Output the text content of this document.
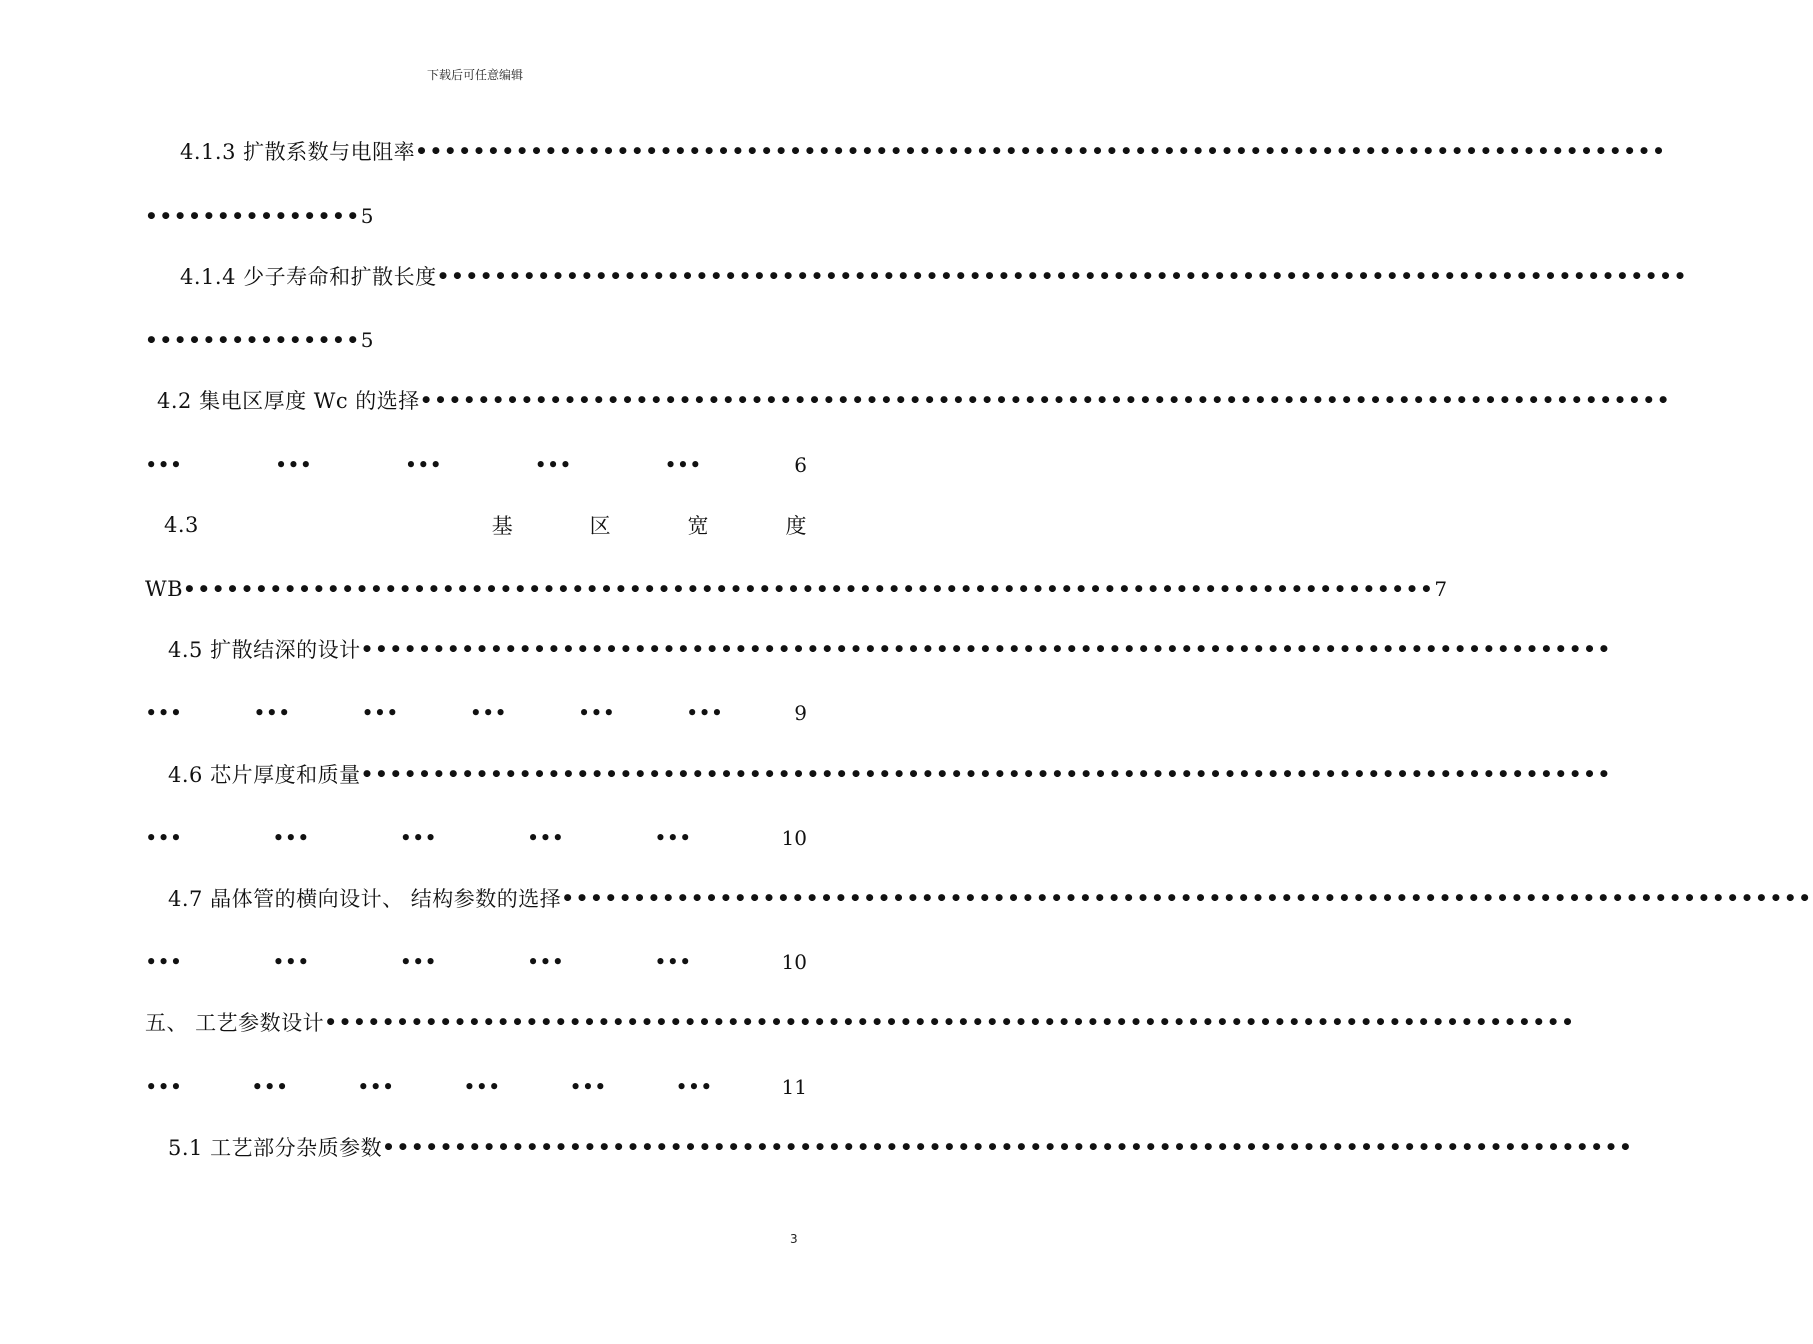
下载后可任意编辑
4.1.3 扩散系数与电阻率 •••••••••••••••••••••••••••••••••••••••••••••••••••••••••••••••••••••••••••••••••••••••
••••••••••••••• 5
4.1.4 少子寿命和扩散长度 •••••••••••••••••••••••••••••••••••••••••••••••••••••••••••••••••••••••••••••••••••••••
••••••••••••••• 5
4.2 集电区厚度 Wc 的选择 •••••••••••••••••••••••••••••••••••••••••••••••••••••••••••••••••••••••••••••••••••••••
•••	•••	•••	•••	•••	6
4.3	基	区	宽	度
WB ••••••••••••••••••••••••••••••••••••••••••••••••••••••••••••••••••••••••••••••••••••••• 7
4.5 扩散结深的设计 •••••••••••••••••••••••••••••••••••••••••••••••••••••••••••••••••••••••••••••••••••••••
•••	•••	•••	•••	•••	•••	9
4.6 芯片厚度和质量 •••••••••••••••••••••••••••••••••••••••••••••••••••••••••••••••••••••••••••••••••••••••
•••	•••	•••	•••	•••	10
4.7 晶体管的横向设计、 结构参数的选择 •••••••••••••••••••••••••••••••••••••••••••••••••••••••••••••••••••••••••••••••••••••••
•••	•••	•••	•••	•••	10
五、 工艺参数设计 •••••••••••••••••••••••••••••••••••••••••••••••••••••••••••••••••••••••••••••••••••••••
•••	•••	•••	•••	•••	•••	11
5.1 工艺部分杂质参数 •••••••••••••••••••••••••••••••••••••••••••••••••••••••••••••••••••••••••••••••••••••••
3
